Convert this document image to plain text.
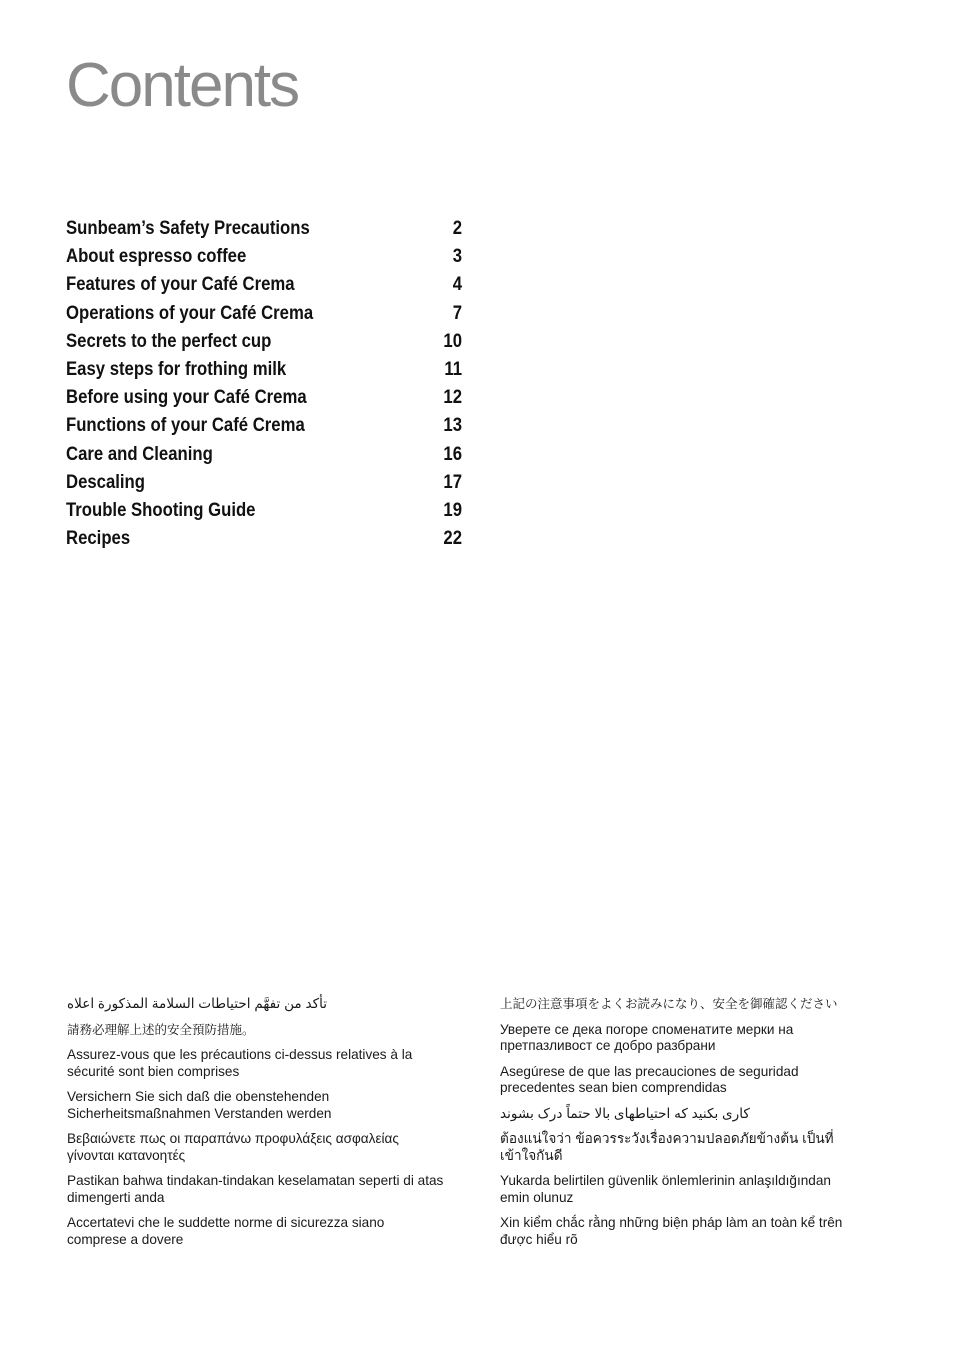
Contents
Sunbeam’s Safety Precautions	2
About espresso coffee	3
Features of your Café Crema	4
Operations of your Café Crema	7
Secrets to the perfect cup	10
Easy steps for frothing milk	11
Before using your Café Crema	12
Functions of your Café Crema	13
Care and Cleaning	16
Descaling	17
Trouble Shooting Guide	19
Recipes	22

تأكد من تفهَّم احتياطات السلامة المذكورة اعلاه

請務必理解上述的安全預防措施。

Assurez-vous que les précautions ci-dessus relatives à la sécurité sont bien comprises

Versichern Sie sich daß die obenstehenden Sicherheitsmaßnahmen Verstanden werden

Βεβαιώνετε πως οι παραπάνω προφυλάξεις ασφαλείας γίνονται κατανοητές

Pastikan bahwa tindakan-tindakan keselamatan seperti di atas dimengerti anda

Accertatevi che le suddette norme di sicurezza siano comprese a dovere

上記の注意事項をよくお読みになり、安全を御確認ください

Уверете се дека погоре споменатите мерки на претпазливост се добро разбрани

Asegúrese de que las precauciones de seguridad precedentes sean bien comprendidas

کاری بکنید که احتیاطهای بالا حتماً درک بشوند

ต้องแน่ใจว่า ข้อควรระวังเรื่องความปลอดภัยข้างต้น เป็นที่เข้าใจกันดี

Yukarda belirtilen güvenlik önlemlerinin anlaşıldığından emin olunuz

Xin kiểm chắc rằng những biện pháp làm an toàn kể trên được hiểu rõ
